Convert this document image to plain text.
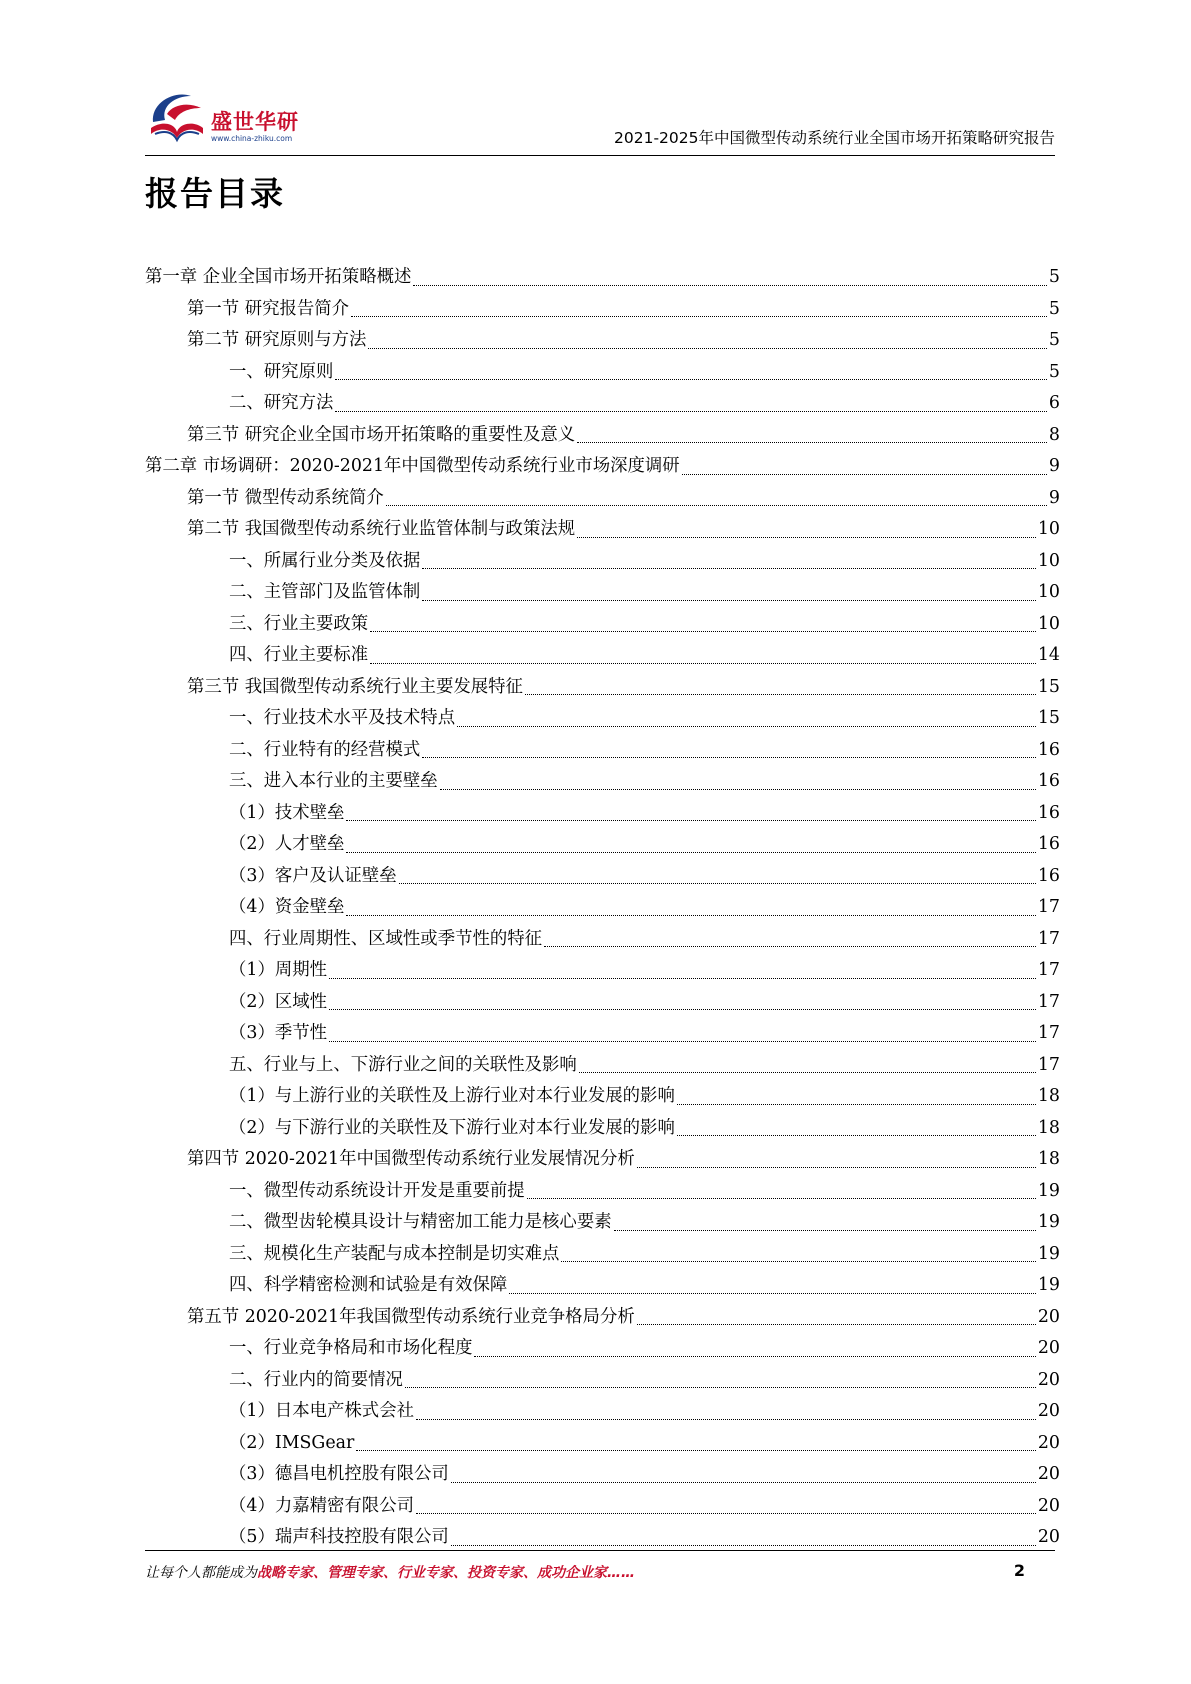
盛世华研
www.china-zhiku.com	2021-2025年中国微型传动系统行业全国市场开拓策略研究报告
报告目录
第一章 企业全国市场开拓策略概述	5
第一节 研究报告简介	5
第二节 研究原则与方法	5
一、研究原则	5
二、研究方法	6
第三节 研究企业全国市场开拓策略的重要性及意义	8
第二章 市场调研：2020-2021年中国微型传动系统行业市场深度调研	9
第一节 微型传动系统简介	9
第二节 我国微型传动系统行业监管体制与政策法规	10
一、所属行业分类及依据	10
二、主管部门及监管体制	10
三、行业主要政策	10
四、行业主要标准	14
第三节 我国微型传动系统行业主要发展特征	15
一、行业技术水平及技术特点	15
二、行业特有的经营模式	16
三、进入本行业的主要壁垒	16
（1）技术壁垒	16
（2）人才壁垒	16
（3）客户及认证壁垒	16
（4）资金壁垒	17
四、行业周期性、区域性或季节性的特征	17
（1）周期性	17
（2）区域性	17
（3）季节性	17
五、行业与上、下游行业之间的关联性及影响	17
（1）与上游行业的关联性及上游行业对本行业发展的影响	18
（2）与下游行业的关联性及下游行业对本行业发展的影响	18
第四节 2020-2021年中国微型传动系统行业发展情况分析	18
一、微型传动系统设计开发是重要前提	19
二、微型齿轮模具设计与精密加工能力是核心要素	19
三、规模化生产装配与成本控制是切实难点	19
四、科学精密检测和试验是有效保障	19
第五节 2020-2021年我国微型传动系统行业竞争格局分析	20
一、行业竞争格局和市场化程度	20
二、行业内的简要情况	20
（1）日本电产株式会社	20
（2）IMSGear	20
（3）德昌电机控股有限公司	20
（4）力嘉精密有限公司	20
（5）瑞声科技控股有限公司	20
让每个人都能成为战略专家、管理专家、行业专家、投资专家、成功企业家……	2
